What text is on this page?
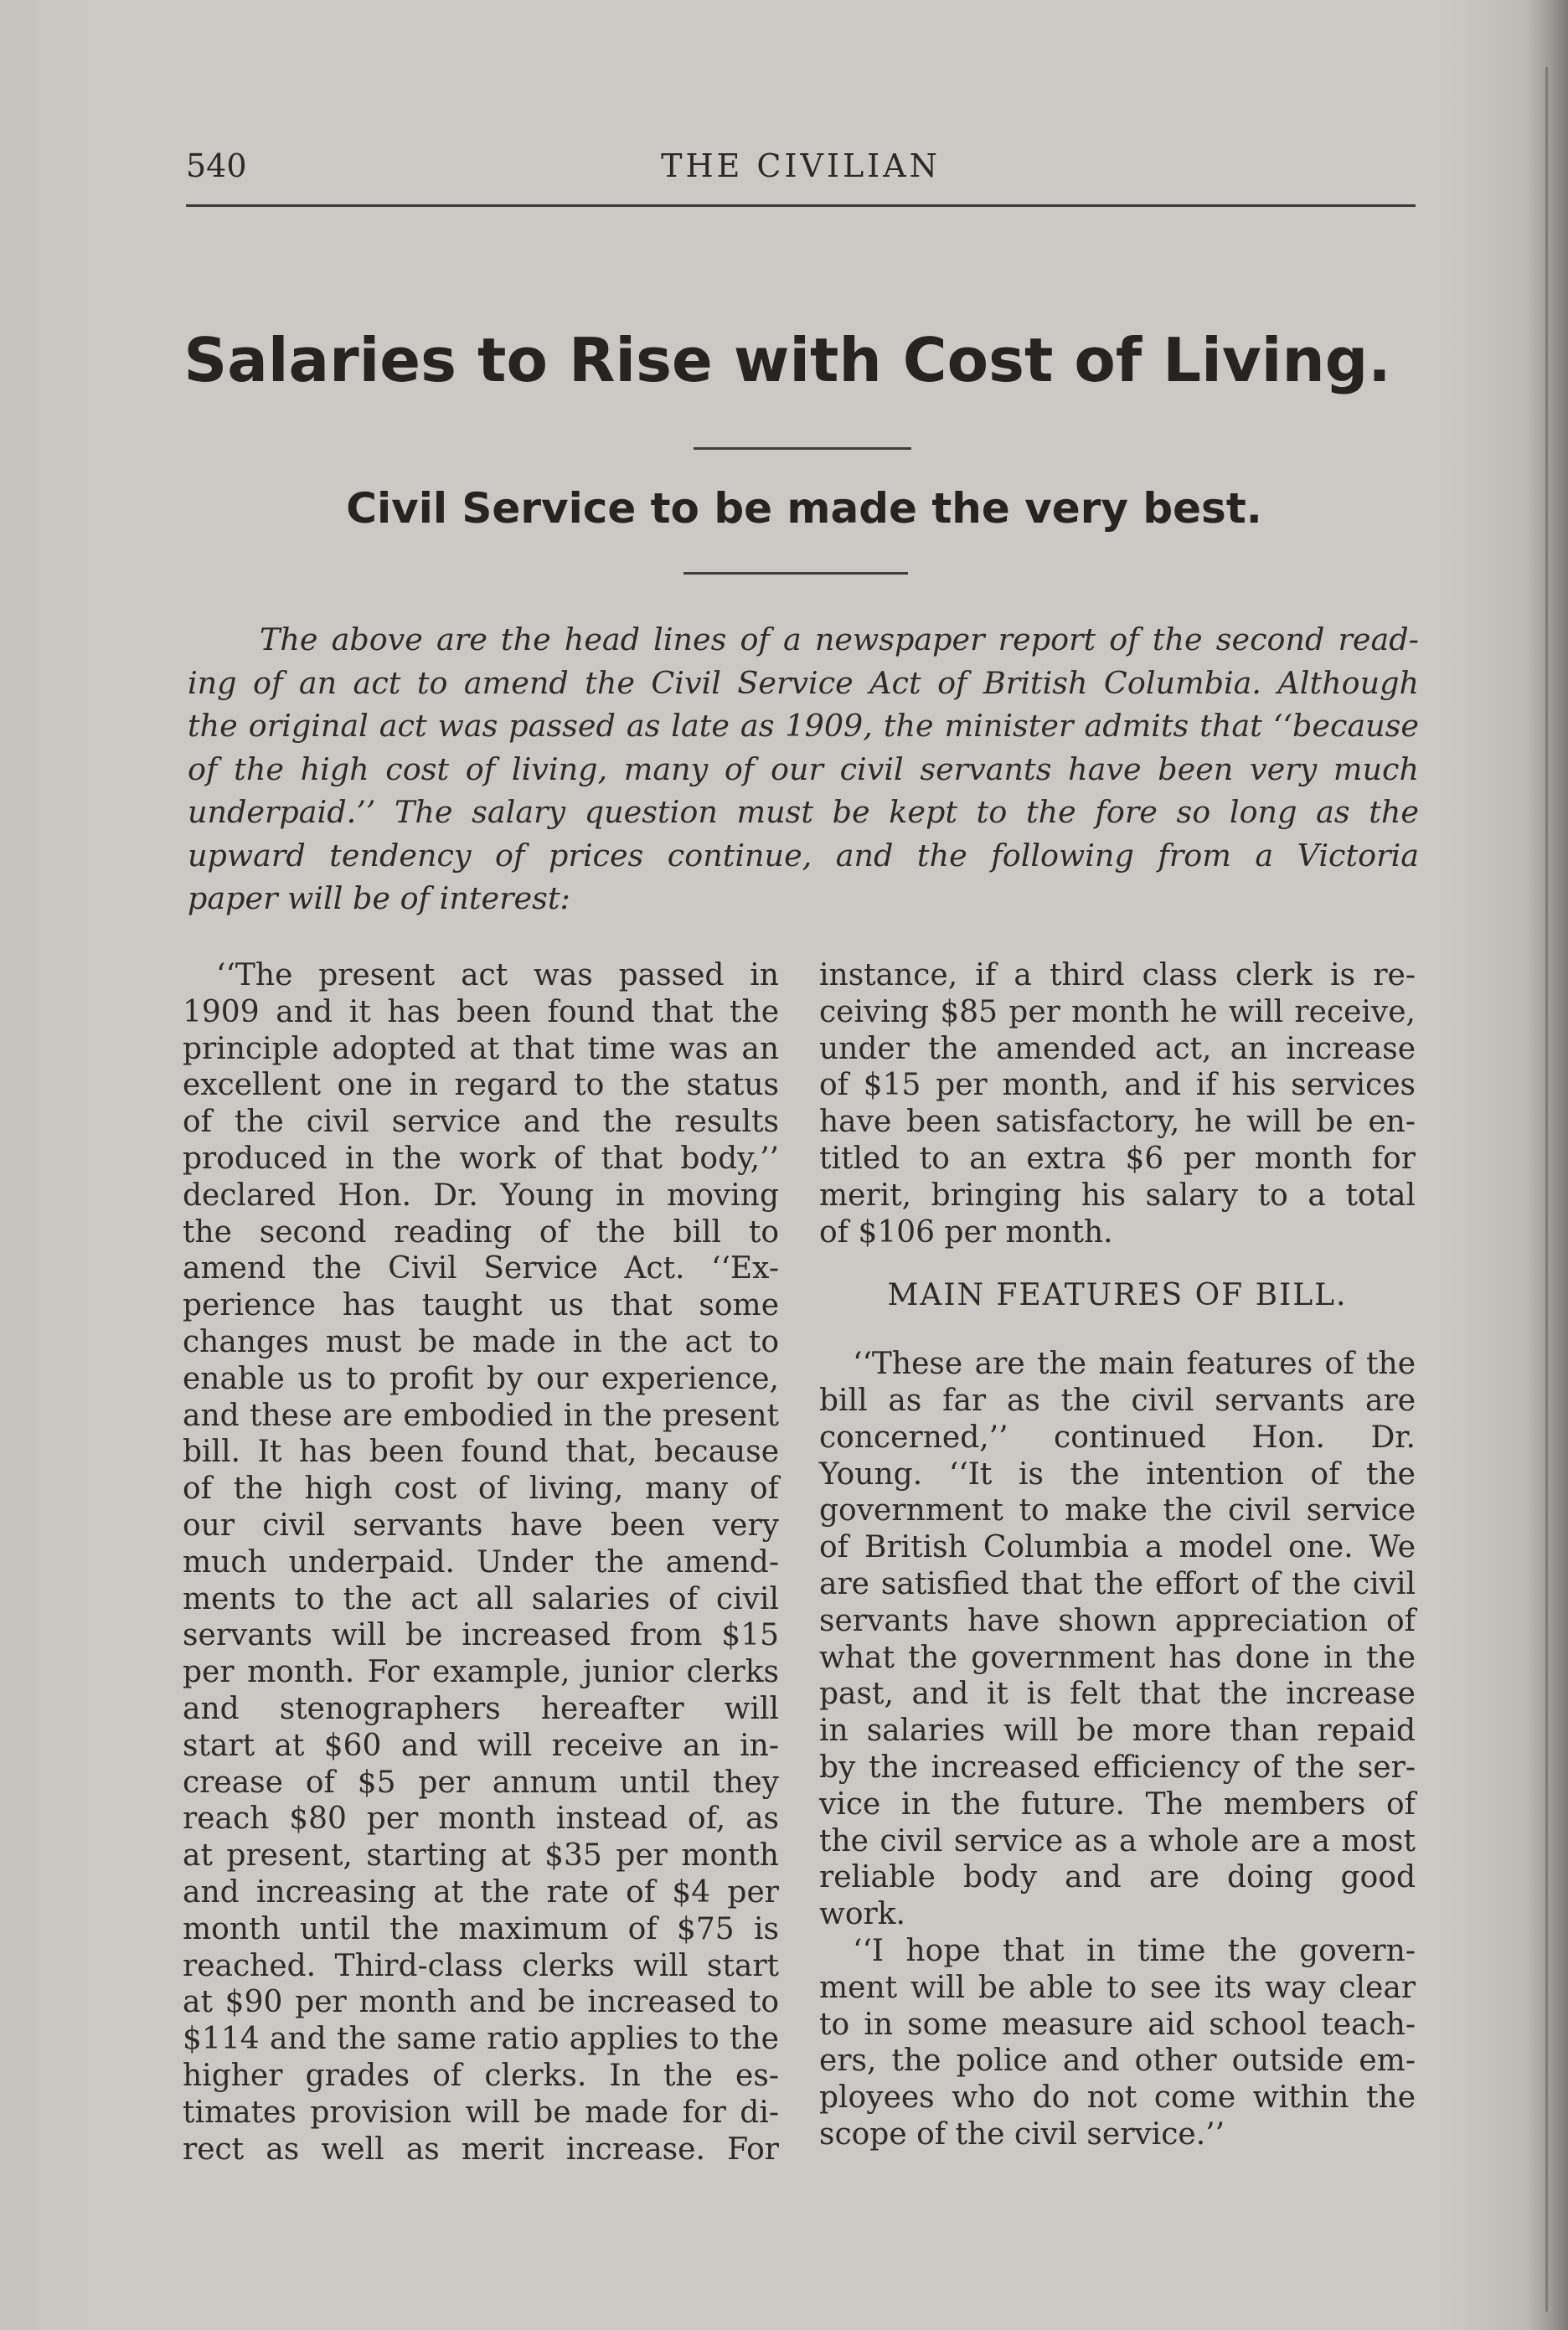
540	THE CIVILIAN
Salaries to Rise with Cost of Living.
Civil Service to be made the very best.
The above are the head lines of a newspaper report of the second read-
ing of an act to amend the Civil Service Act of British Columbia. Although
the original act was passed as late as 1909, the minister admits that ‘‘because
of the high cost of living, many of our civil servants have been very much
underpaid.’’ The salary question must be kept to the fore so long as the
upward tendency of prices continue, and the following from a Victoria
paper will be of interest:
‘‘The present act was passed in
1909 and it has been found that the
principle adopted at that time was an
excellent one in regard to the status
of the civil service and the results
produced in the work of that body,’’
declared Hon. Dr. Young in moving
the second reading of the bill to
amend the Civil Service Act. ‘‘Ex-
perience has taught us that some
changes must be made in the act to
enable us to profit by our experience,
and these are embodied in the present
bill. It has been found that, because
of the high cost of living, many of
our civil servants have been very
much underpaid. Under the amend-
ments to the act all salaries of civil
servants will be increased from $15
per month. For example, junior clerks
and stenographers hereafter will
start at $60 and will receive an in-
crease of $5 per annum until they
reach $80 per month instead of, as
at present, starting at $35 per month
and increasing at the rate of $4 per
month until the maximum of $75 is
reached. Third-class clerks will start
at $90 per month and be increased to
$114 and the same ratio applies to the
higher grades of clerks. In the es-
timates provision will be made for di-
rect as well as merit increase. For
instance, if a third class clerk is re-
ceiving $85 per month he will receive,
under the amended act, an increase
of $15 per month, and if his services
have been satisfactory, he will be en-
titled to an extra $6 per month for
merit, bringing his salary to a total
of $106 per month.
MAIN FEATURES OF BILL.
‘‘These are the main features of the
bill as far as the civil servants are
concerned,’’ continued Hon. Dr.
Young. ‘‘It is the intention of the
government to make the civil service
of British Columbia a model one. We
are satisfied that the effort of the civil
servants have shown appreciation of
what the government has done in the
past, and it is felt that the increase
in salaries will be more than repaid
by the increased efficiency of the ser-
vice in the future. The members of
the civil service as a whole are a most
reliable body and are doing good
work.
‘‘I hope that in time the govern-
ment will be able to see its way clear
to in some measure aid school teach-
ers, the police and other outside em-
ployees who do not come within the
scope of the civil service.’’
